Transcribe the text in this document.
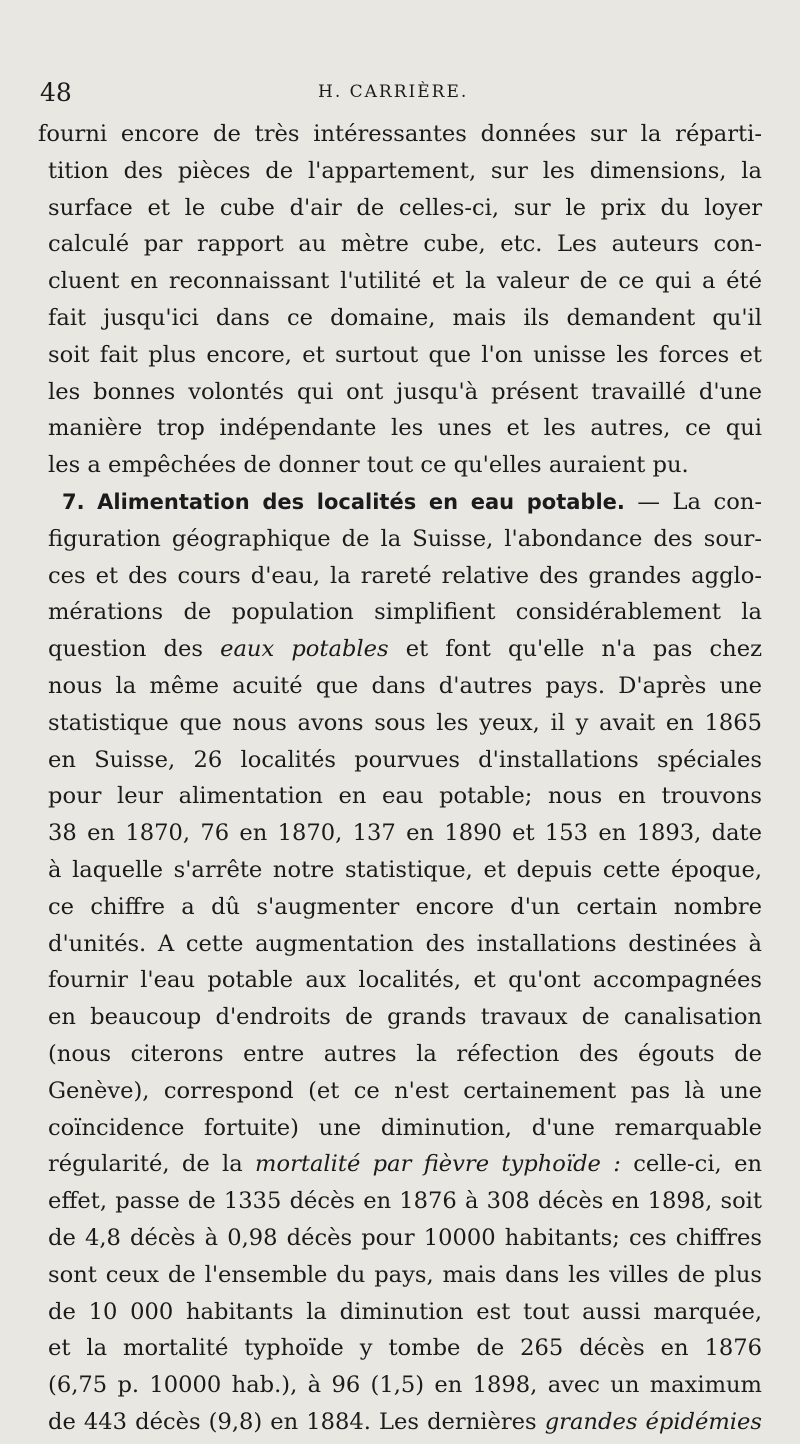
48	H. CARRIÈRE.
fourni encore de très intéressantes données sur la réparti-
tition des pièces de l'appartement, sur les dimensions, la
surface et le cube d'air de celles-ci, sur le prix du loyer
calculé par rapport au mètre cube, etc. Les auteurs con-
cluent en reconnaissant l'utilité et la valeur de ce qui a été
fait jusqu'ici dans ce domaine, mais ils demandent qu'il
soit fait plus encore, et surtout que l'on unisse les forces et
les bonnes volontés qui ont jusqu'à présent travaillé d'une
manière trop indépendante les unes et les autres, ce qui
les a empêchées de donner tout ce qu'elles auraient pu.
7. Alimentation des localités en eau potable. — La con-
figuration géographique de la Suisse, l'abondance des sour-
ces et des cours d'eau, la rareté relative des grandes agglo-
mérations de population simplifient considérablement la
question des eaux potables et font qu'elle n'a pas chez
nous la même acuité que dans d'autres pays. D'après une
statistique que nous avons sous les yeux, il y avait en 1865
en Suisse, 26 localités pourvues d'installations spéciales
pour leur alimentation en eau potable; nous en trouvons
38 en 1870, 76 en 1870, 137 en 1890 et 153 en 1893, date
à laquelle s'arrête notre statistique, et depuis cette époque,
ce chiffre a dû s'augmenter encore d'un certain nombre
d'unités. A cette augmentation des installations destinées à
fournir l'eau potable aux localités, et qu'ont accompagnées
en beaucoup d'endroits de grands travaux de canalisation
(nous citerons entre autres la réfection des égouts de
Genève), correspond (et ce n'est certainement pas là une
coïncidence fortuite) une diminution, d'une remarquable
régularité, de la mortalité par fièvre typhoïde : celle-ci, en
effet, passe de 1335 décès en 1876 à 308 décès en 1898, soit
de 4,8 décès à 0,98 décès pour 10000 habitants; ces chiffres
sont ceux de l'ensemble du pays, mais dans les villes de plus
de 10 000 habitants la diminution est tout aussi marquée,
et la mortalité typhoïde y tombe de 265 décès en 1876
(6,75 p. 10000 hab.), à 96 (1,5) en 1898, avec un maximum
de 443 décès (9,8) en 1884. Les dernières grandes épidémies
